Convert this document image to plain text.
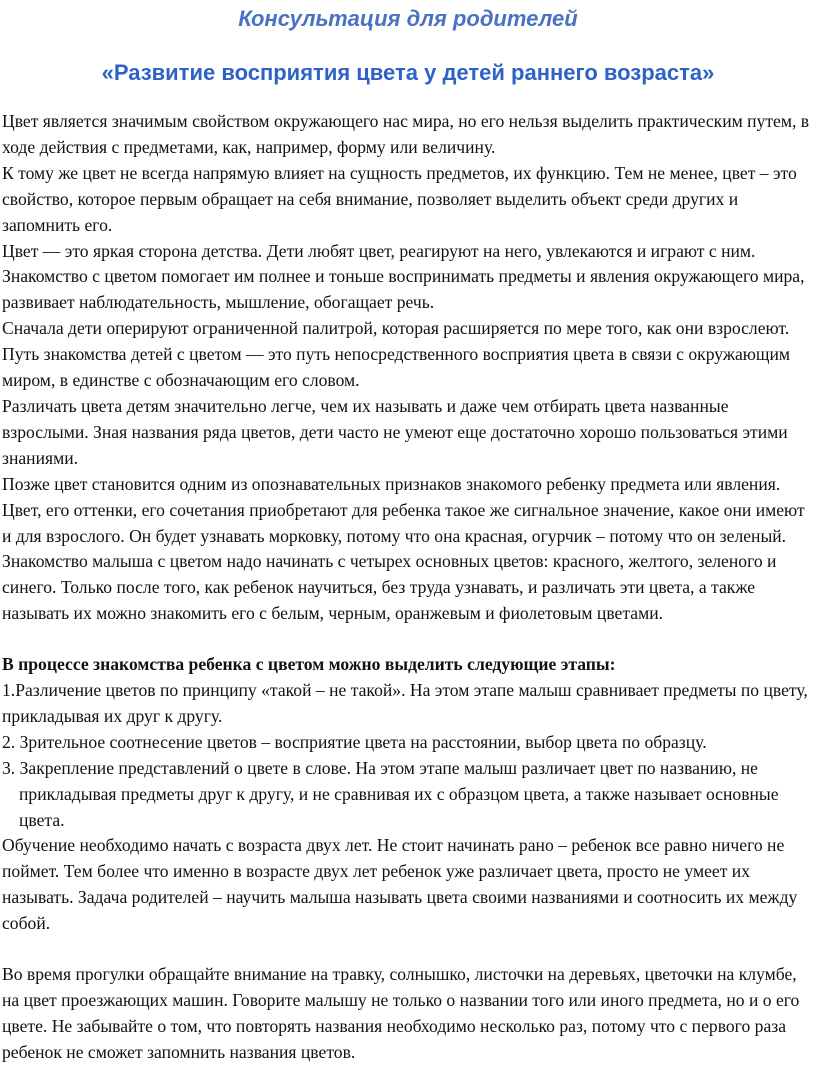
Консультация для родителей
«Развитие восприятия цвета у детей раннего возраста»

Цвет является значимым свойством окружающего нас мира, но его нельзя выделить практическим путем, в ходе действия с предметами, как, например, форму или величину.

К тому же цвет не всегда напрямую влияет на сущность предметов, их функцию. Тем не менее, цвет – это свойство, которое первым обращает на себя внимание, позволяет выделить объект среди других и запомнить его.

Цвет — это яркая сторона детства. Дети любят цвет, реагируют на него, увлекаются и играют с ним. Знакомство с цветом помогает им полнее и тоньше воспринимать предметы и явления окружающего мира, развивает наблюдательность, мышление, обогащает речь.

Сначала дети оперируют ограниченной палитрой, которая расширяется по мере того, как они взрослеют. Путь знакомства детей с цветом — это путь непосредственного восприятия цвета в связи с окружающим миром, в единстве с обозначающим его словом.

Различать цвета детям значительно легче, чем их называть и даже чем отбирать цвета названные взрослыми. Зная названия ряда цветов, дети часто не умеют еще достаточно хорошо пользоваться этими знаниями.

Позже цвет становится одним из опознавательных признаков знакомого ребенку предмета или явления. Цвет, его оттенки, его сочетания приобретают для ребенка такое же сигнальное значение, какое они имеют и для взрослого. Он будет узнавать морковку, потому что она красная, огурчик – потому что он зеленый.

Знакомство малыша с цветом надо начинать с четырех основных цветов: красного, желтого, зеленого и синего. Только после того, как ребенок научиться, без труда узнавать, и различать эти цвета, а также называть их можно знакомить его с белым, черным, оранжевым и фиолетовым цветами.

В процессе знакомства ребенка с цветом можно выделить следующие этапы:

1.Различение цветов по принципу «такой – не такой». На этом этапе малыш сравнивает предметы по цвету, прикладывая их друг к другу.

2. Зрительное соотнесение цветов – восприятие цвета на расстоянии, выбор цвета по образцу.

3. Закрепление представлений о цвете в слове. На этом этапе малыш различает цвет по названию, не прикладывая предметы друг к другу, и не сравнивая их с образцом цвета, а также называет основные цвета.

Обучение необходимо начать с возраста двух лет. Не стоит начинать рано – ребенок все равно ничего не поймет. Тем более что именно в возрасте двух лет ребенок уже различает цвета, просто не умеет их называть. Задача родителей – научить малыша называть цвета своими названиями и соотносить их между собой.

Во время прогулки обращайте внимание на травку, солнышко, листочки на деревьях, цветочки на клумбе, на цвет проезжающих машин. Говорите малышу не только о названии того или иного предмета, но и о его цвете. Не забывайте о том, что повторять названия необходимо несколько раз, потому что с первого раза ребенок не сможет запомнить названия цветов.
